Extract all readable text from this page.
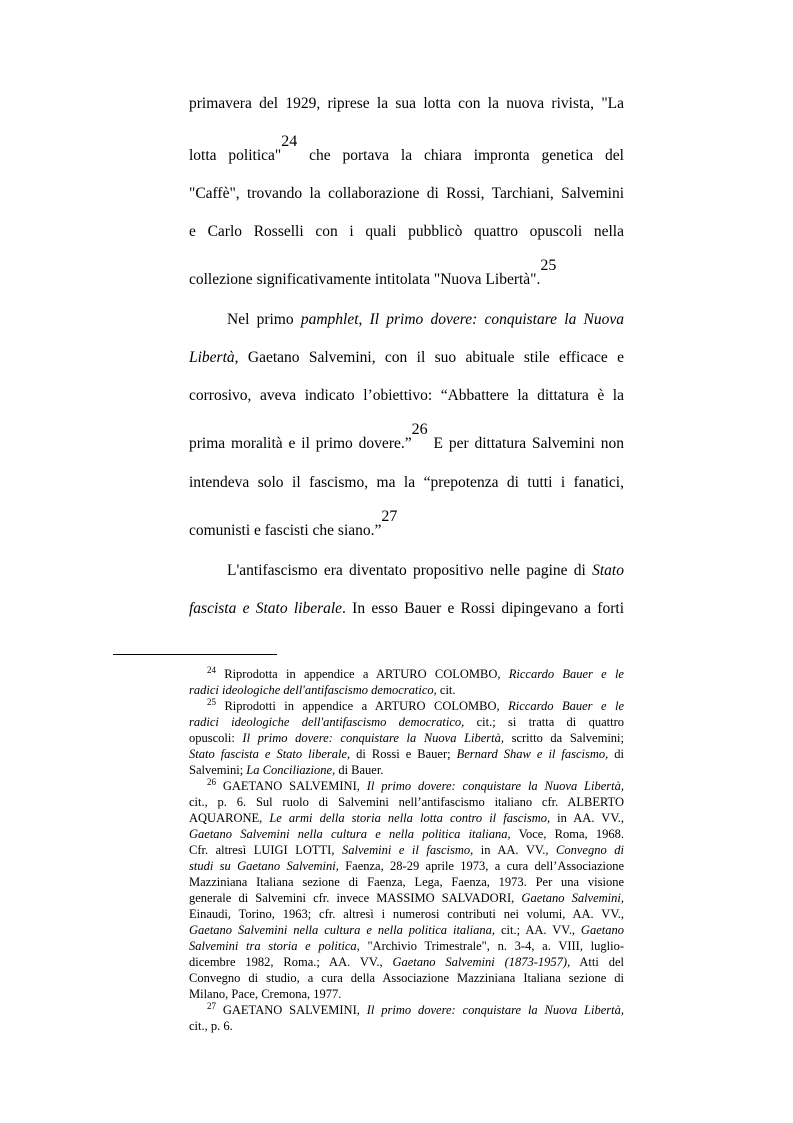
primavera del 1929, riprese la sua lotta con la nuova rivista, "La
lotta politica"$^{24}$ che portava la chiara impronta genetica del
"Caffè", trovando la collaborazione di Rossi, Tarchiani, Salvemini
e Carlo Rosselli con i quali pubblicò quattro opuscoli nella
collezione significativamente intitolata "Nuova Libertà".$^{25}$
Nel primo pamphlet, Il primo dovere: conquistare la Nuova
Libertà, Gaetano Salvemini, con il suo abituale stile efficace e
corrosivo, aveva indicato l’obiettivo: “Abbattere la dittatura è la
prima moralità e il primo dovere.”$^{26}$ E per dittatura Salvemini non
intendeva solo il fascismo, ma la “prepotenza di tutti i fanatici,
comunisti e fascisti che siano.”$^{27}$
L'antifascismo era diventato propositivo nelle pagine di Stato
fascista e Stato liberale. In esso Bauer e Rossi dipingevano a forti
$^{24}$ Riprodotta in appendice a ARTURO COLOMBO, Riccardo Bauer e le
radici ideologiche dell'antifascismo democratico, cit.
$^{25}$ Riprodotti in appendice a ARTURO COLOMBO, Riccardo Bauer e le
radici ideologiche dell'antifascismo democratico, cit.; si tratta di quattro
opuscoli: Il primo dovere: conquistare la Nuova Libertà, scritto da Salvemini;
Stato fascista e Stato liberale, di Rossi e Bauer; Bernard Shaw e il fascismo, di
Salvemini; La Conciliazione, di Bauer.
$^{26}$ GAETANO SALVEMINI, Il primo dovere: conquistare la Nuova Libertà,
cit., p. 6. Sul ruolo di Salvemini nell’antifascismo italiano cfr. ALBERTO
AQUARONE, Le armi della storia nella lotta contro il fascismo, in AA. VV.,
Gaetano Salvemini nella cultura e nella politica italiana, Voce, Roma, 1968.
Cfr. altresì LUIGI LOTTI, Salvemini e il fascismo, in AA. VV., Convegno di
studi su Gaetano Salvemini, Faenza, 28-29 aprile 1973, a cura dell’Associazione
Mazziniana Italiana sezione di Faenza, Lega, Faenza, 1973. Per una visione
generale di Salvemini cfr. invece MASSIMO SALVADORI, Gaetano Salvemini,
Einaudi, Torino, 1963; cfr. altresì i numerosi contributi nei volumi, AA. VV.,
Gaetano Salvemini nella cultura e nella politica italiana, cit.; AA. VV., Gaetano
Salvemini tra storia e politica, "Archivio Trimestrale", n. 3-4, a. VIII, luglio-
dicembre 1982, Roma.; AA. VV., Gaetano Salvemini (1873-1957), Atti del
Convegno di studio, a cura della Associazione Mazziniana Italiana sezione di
Milano, Pace, Cremona, 1977.
$^{27}$ GAETANO SALVEMINI, Il primo dovere: conquistare la Nuova Libertà,
cit., p. 6.
